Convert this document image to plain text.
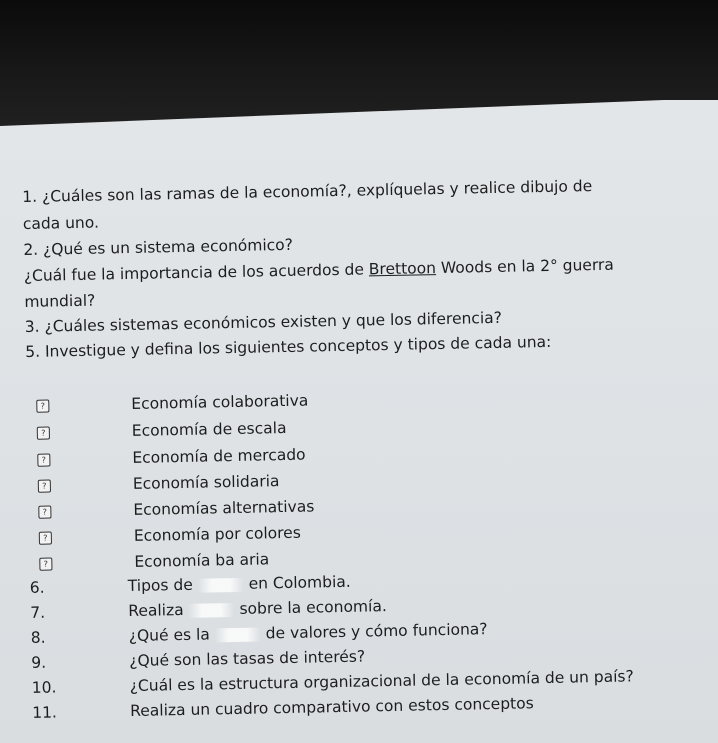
1. ¿Cuáles son las ramas de la economía?, explíquelas y realice dibujo de
cada uno.
2. ¿Qué es un sistema económico?
¿Cuál fue la importancia de los acuerdos de Brettoon Woods en la 2° guerra
mundial?
3. ¿Cuáles sistemas económicos existen y que los diferencia?
5. Investigue y defina los siguientes conceptos y tipos de cada una:
?	Economía colaborativa
?	Economía de escala
?	Economía de mercado
?	Economía solidaria
?	Economías alternativas
?	Economía por colores
?	Economía ba aria
6.	Tipos de	en Colombia.
7.	Realiza	sobre la economía.
8.	¿Qué es la	de valores y cómo funciona?
9.	¿Qué son las tasas de interés?
10.	¿Cuál es la estructura organizacional de la economía de un país?
11.	Realiza un cuadro comparativo con estos conceptos
